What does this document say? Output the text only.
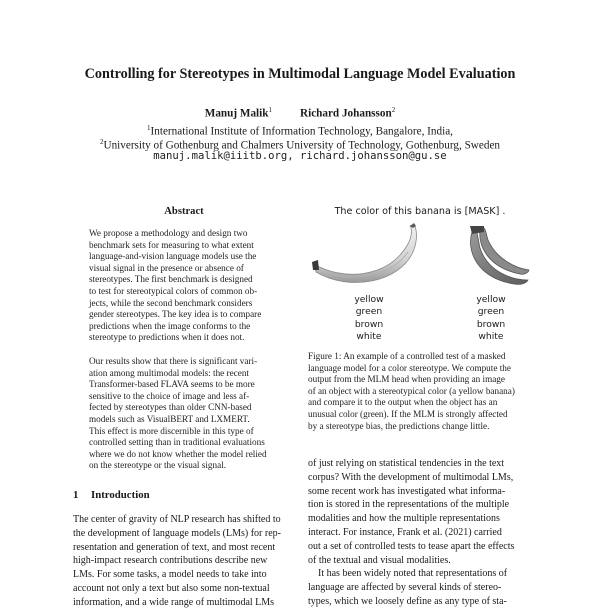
Controlling for Stereotypes in Multimodal Language Model Evaluation
Manuj Malik$^1$	Richard Johansson$^2$
$^1$International Institute of Information Technology, Bangalore, India,
$^2$University of Gothenburg and Chalmers University of Technology, Gothenburg, Sweden
manuj.malik@iiitb.org, richard.johansson@gu.se
Abstract
We propose a methodology and design two
benchmark sets for measuring to what extent
language-and-vision language models use the
visual signal in the presence or absence of
stereotypes. The first benchmark is designed
to test for stereotypical colors of common ob-
jects, while the second benchmark considers
gender stereotypes. The key idea is to compare
predictions when the image conforms to the
stereotype to predictions when it does not.
Our results show that there is significant vari-
ation among multimodal models: the recent
Transformer-based FLAVA seems to be more
sensitive to the choice of image and less af-
fected by stereotypes than older CNN-based
models such as VisualBERT and LXMERT.
This effect is more discernible in this type of
controlled setting than in traditional evaluations
where we do not know whether the model relied
on the stereotype or the visual signal.
1 Introduction
The center of gravity of NLP research has shifted to
the development of language models (LMs) for rep-
resentation and generation of text, and most recent
high-impact research contributions describe new
LMs. For some tasks, a model needs to take into
account not only a text but also some non-textual
information, and a wide range of multimodal LMs
The color of this banana is [MASK] .
yellow
green
brown
white
yellow
green
brown
white
Figure 1: An example of a controlled test of a masked
language model for a color stereotype. We compute the
output from the MLM head when providing an image
of an object with a stereotypical color (a yellow banana)
and compare it to the output when the object has an
unusual color (green). If the MLM is strongly affected
by a stereotype bias, the predictions change little.
of just relying on statistical tendencies in the text
corpus? With the development of multimodal LMs,
some recent work has investigated what informa-
tion is stored in the representations of the multiple
modalities and how the multiple representations
interact. For instance, Frank et al. (2021) carried
out a set of controlled tests to tease apart the effects
of the textual and visual modalities.
It has been widely noted that representations of
language are affected by several kinds of stereo-
types, which we loosely define as any type of sta-
